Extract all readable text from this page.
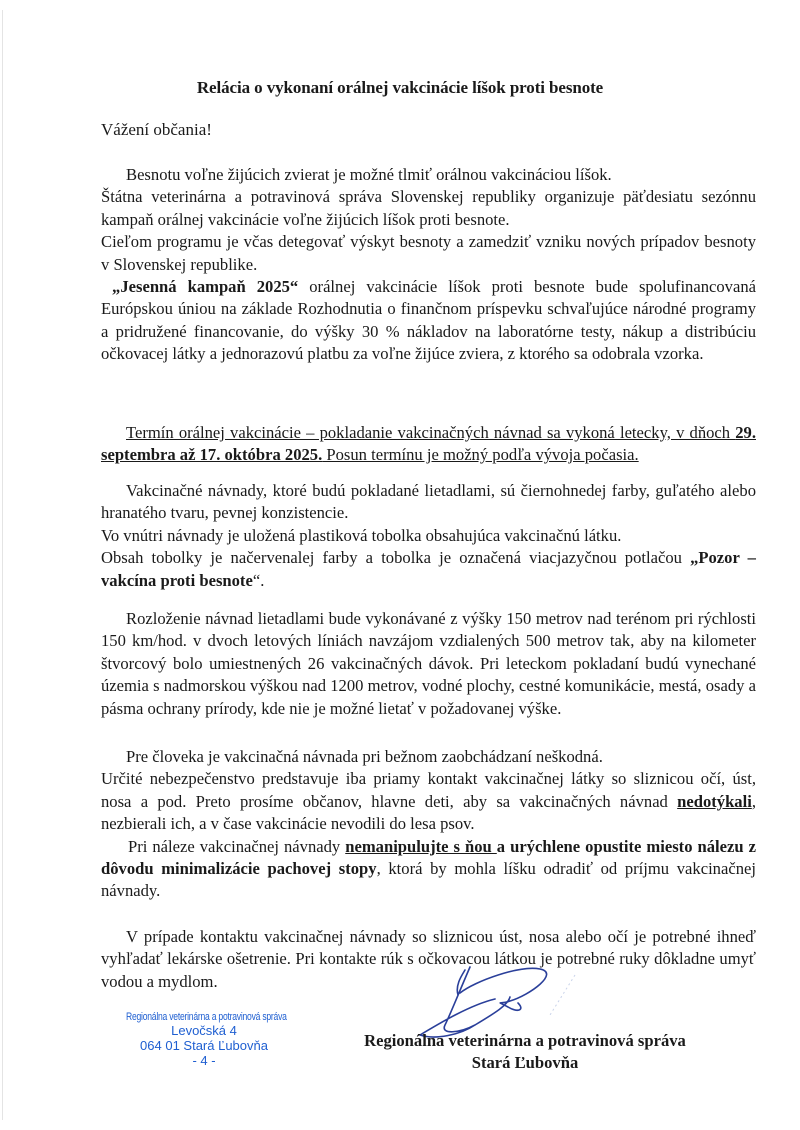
Relácia o vykonaní orálnej vakcinácie líšok proti besnote
Vážení občania!

Besnotu voľne žijúcich zvierat je možné tlmiť orálnou vakcináciou líšok.

Štátna veterinárna a potravinová správa Slovenskej republiky organizuje päťdesiatu sezónnu kampaň orálnej vakcinácie voľne žijúcich líšok proti besnote.

Cieľom programu je včas detegovať výskyt besnoty a zamedziť vzniku nových prípadov besnoty v Slovenskej republike.

„Jesenná kampaň 2025“ orálnej vakcinácie líšok proti besnote bude spolufinancovaná Európskou úniou na základe Rozhodnutia o finančnom príspevku schvaľujúce národné programy a pridružené financovanie, do výšky 30 % nákladov na laboratórne testy, nákup a distribúciu očkovacej látky a jednorazovú platbu za voľne žijúce zviera, z ktorého sa odobrala vzorka.

Termín orálnej vakcinácie – pokladanie vakcinačných návnad sa vykoná letecky, v dňoch 29. septembra až 17. októbra 2025. Posun termínu je možný podľa vývoja počasia.

Vakcinačné návnady, ktoré budú pokladané lietadlami, sú čiernohnedej farby, guľatého alebo hranatého tvaru, pevnej konzistencie.

Vo vnútri návnady je uložená plastiková tobolka obsahujúca vakcinačnú látku.

Obsah tobolky je načervenalej farby a tobolka je označená viacjazyčnou potlačou „Pozor – vakcína proti besnote“.

Rozloženie návnad lietadlami bude vykonávané z výšky 150 metrov nad terénom pri rýchlosti 150 km/hod. v dvoch letových líniách navzájom vzdialených 500 metrov tak, aby na kilometer štvorcový bolo umiestnených 26 vakcinačných dávok. Pri leteckom pokladaní budú vynechané územia s nadmorskou výškou nad 1200 metrov, vodné plochy, cestné komunikácie, mestá, osady a pásma ochrany prírody, kde nie je možné lietať v požadovanej výške.

Pre človeka je vakcinačná návnada pri bežnom zaobchádzaní neškodná.

Určité nebezpečenstvo predstavuje iba priamy kontakt vakcinačnej látky so sliznicou očí, úst, nosa a pod. Preto prosíme občanov, hlavne deti, aby sa vakcinačných návnad nedotýkali, nezbierali ich, a v čase vakcinácie nevodili do lesa psov.

Pri náleze vakcinačnej návnady nemanipulujte s ňou a urýchlene opustite miesto nálezu z dôvodu minimalizácie pachovej stopy, ktorá by mohla líšku odradiť od príjmu vakcinačnej návnady.

V prípade kontaktu vakcinačnej návnady so sliznicou úst, nosa alebo očí je potrebné ihneď vyhľadať lekárske ošetrenie. Pri kontakte rúk s očkovacou látkou je potrebné ruky dôkladne umyť vodou a mydlom.

Regionálna veterinárna a potravinová správa
Levočská 4
064 01 Stará Ľubovňa
- 4 -
Regionálna veterinárna a potravinová správa
Stará Ľubovňa
